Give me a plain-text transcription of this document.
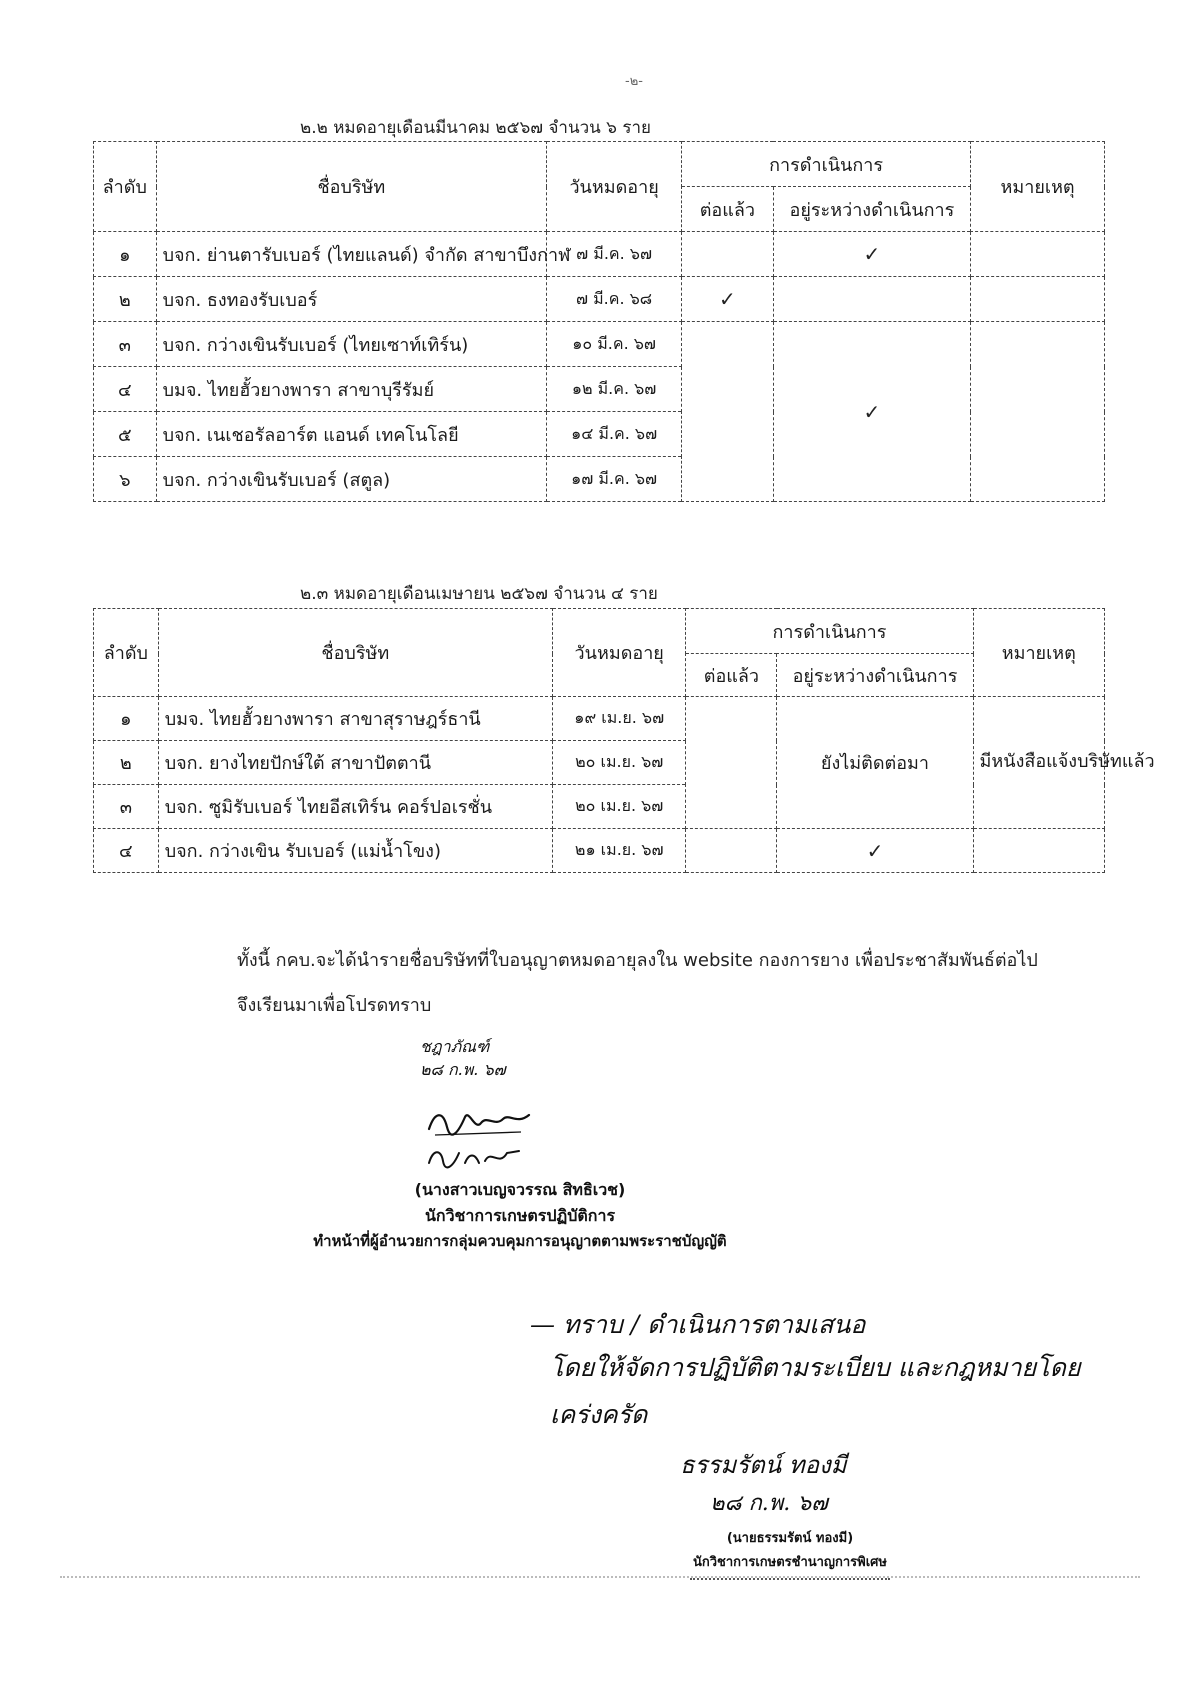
-๒-
๒.๒ หมดอายุเดือนมีนาคม ๒๕๖๗ จำนวน ๖ ราย
ลำดับ	ชื่อบริษัท	วันหมดอายุ	การดำเนินการ		หมายเหตุ
			ต่อแล้ว	อยู่ระหว่างดำเนินการ	
๑	บจก. ย่านตารับเบอร์ (ไทยแลนด์) จำกัด สาขาบึงกาฬ	๗ มี.ค. ๖๗		✓	
๒	บจก. ธงทองรับเบอร์	๗ มี.ค. ๖๘	✓		
๓	บจก. กว่างเขินรับเบอร์ (ไทยเซาท์เทิร์น)	๑๐ มี.ค. ๖๗		✓	
๔	บมจ. ไทยฮั้วยางพารา สาขาบุรีรัมย์	๑๒ มี.ค. ๖๗			
๕	บจก. เนเชอรัลอาร์ต แอนด์ เทคโนโลยี	๑๔ มี.ค. ๖๗			
๖	บจก. กว่างเขินรับเบอร์ (สตูล)	๑๗ มี.ค. ๖๗			
๒.๓ หมดอายุเดือนเมษายน ๒๕๖๗ จำนวน ๔ ราย
ลำดับ	ชื่อบริษัท	วันหมดอายุ	การดำเนินการ		หมายเหตุ
			ต่อแล้ว	อยู่ระหว่างดำเนินการ	
๑	บมจ. ไทยฮั้วยางพารา สาขาสุราษฎร์ธานี	๑๙ เม.ย. ๖๗		ยังไม่ติดต่อมา	มีหนังสือแจ้งบริษัทแล้ว
๒	บจก. ยางไทยปักษ์ใต้ สาขาปัตตานี	๒๐ เม.ย. ๖๗			
๓	บจก. ซูมิรับเบอร์ ไทยอีสเทิร์น คอร์ปอเรชั่น	๒๐ เม.ย. ๖๗			
๔	บจก. กว่างเขิน รับเบอร์ (แม่น้ำโขง)	๒๑ เม.ย. ๖๗		✓	
ทั้งนี้ กคบ.จะได้นำรายชื่อบริษัทที่ใบอนุญาตหมดอายุลงใน website กองการยาง เพื่อประชาสัมพันธ์ต่อไป
จึงเรียนมาเพื่อโปรดทราบ
ชฎาภัณฑ์
๒๘ ก.พ. ๖๗
(นางสาวเบญจวรรณ สิทธิเวช)
นักวิชาการเกษตรปฏิบัติการ
ทำหน้าที่ผู้อำนวยการกลุ่มควบคุมการอนุญาตตามพระราชบัญญัติ
— ทราบ / ดำเนินการตามเสนอ
โดยให้จัดการปฏิบัติตามระเบียบ และกฎหมายโดย
เคร่งครัด
ธรรมรัตน์ ทองมี
๒๘ ก.พ. ๖๗
(นายธรรมรัตน์ ทองมี)
นักวิชาการเกษตรชำนาญการพิเศษ
